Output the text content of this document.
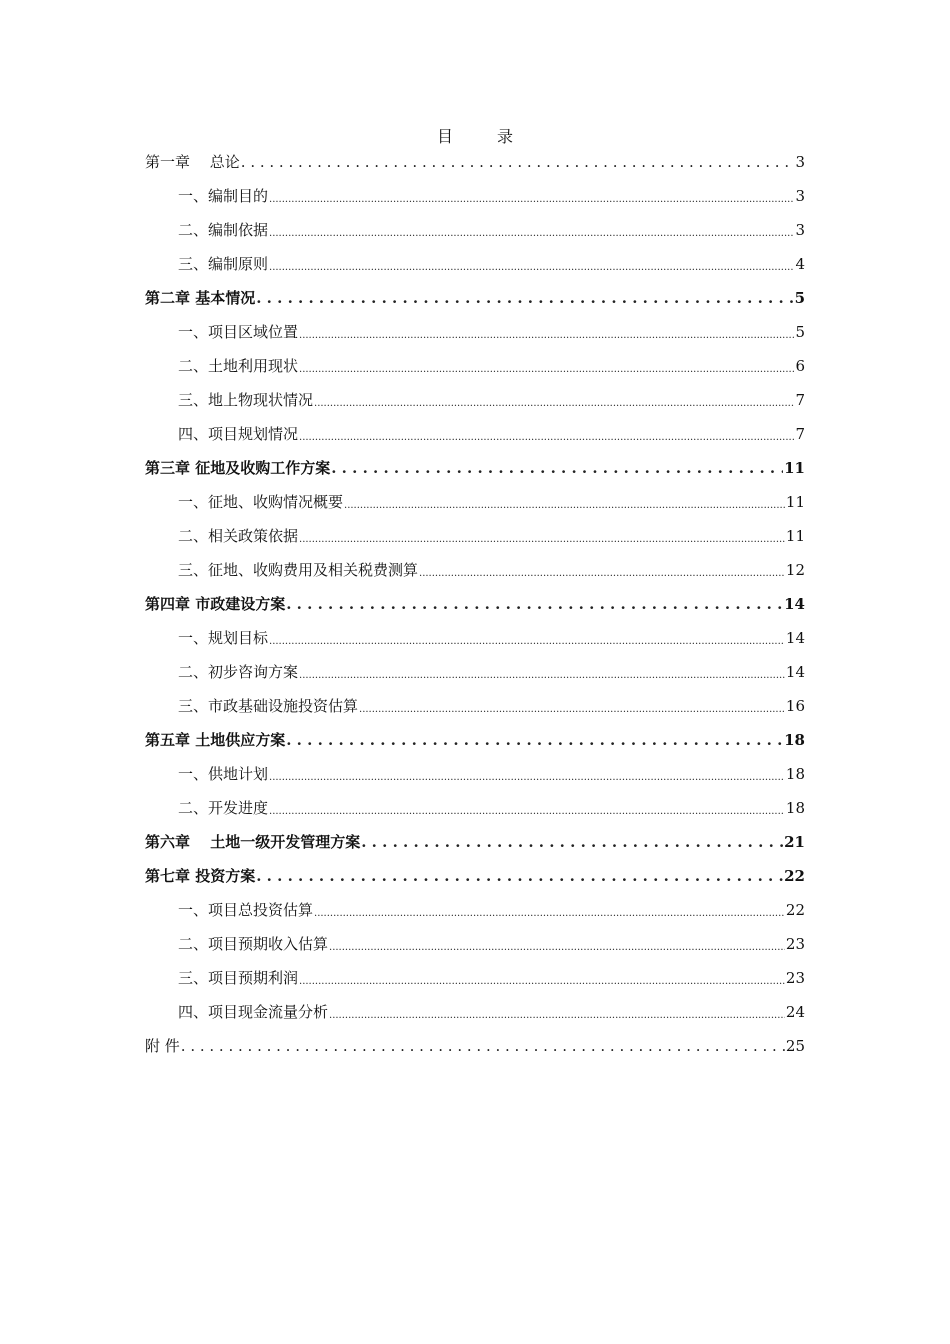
目　录
第一章　 总论 . . .	3
一、编制目的 .....	3
二、编制依据 .....	3
三、编制原则 .....	4
第二章 基本情况 . . .	5
一、项目区域位置 .....	5
二、土地利用现状 .....	6
三、地上物现状情况 .....	7
四、项目规划情况 .....	7
第三章 征地及收购工作方案 . . .	11
一、征地、收购情况概要 .....	11
二、相关政策依据 .....	11
三、征地、收购费用及相关税费测算 .....	12
第四章 市政建设方案 . . .	14
一、规划目标 .....	14
二、初步咨询方案 .....	14
三、市政基础设施投资估算 .....	16
第五章 土地供应方案 . . .	18
一、供地计划 .....	18
二、开发进度 .....	18
第六章　 土地一级开发管理方案 . . .	21
第七章 投资方案 . . .	22
一、项目总投资估算 .....	22
二、项目预期收入估算 .....	23
三、项目预期利润 .....	23
四、项目现金流量分析 .....	24
附 件 . . .	25
